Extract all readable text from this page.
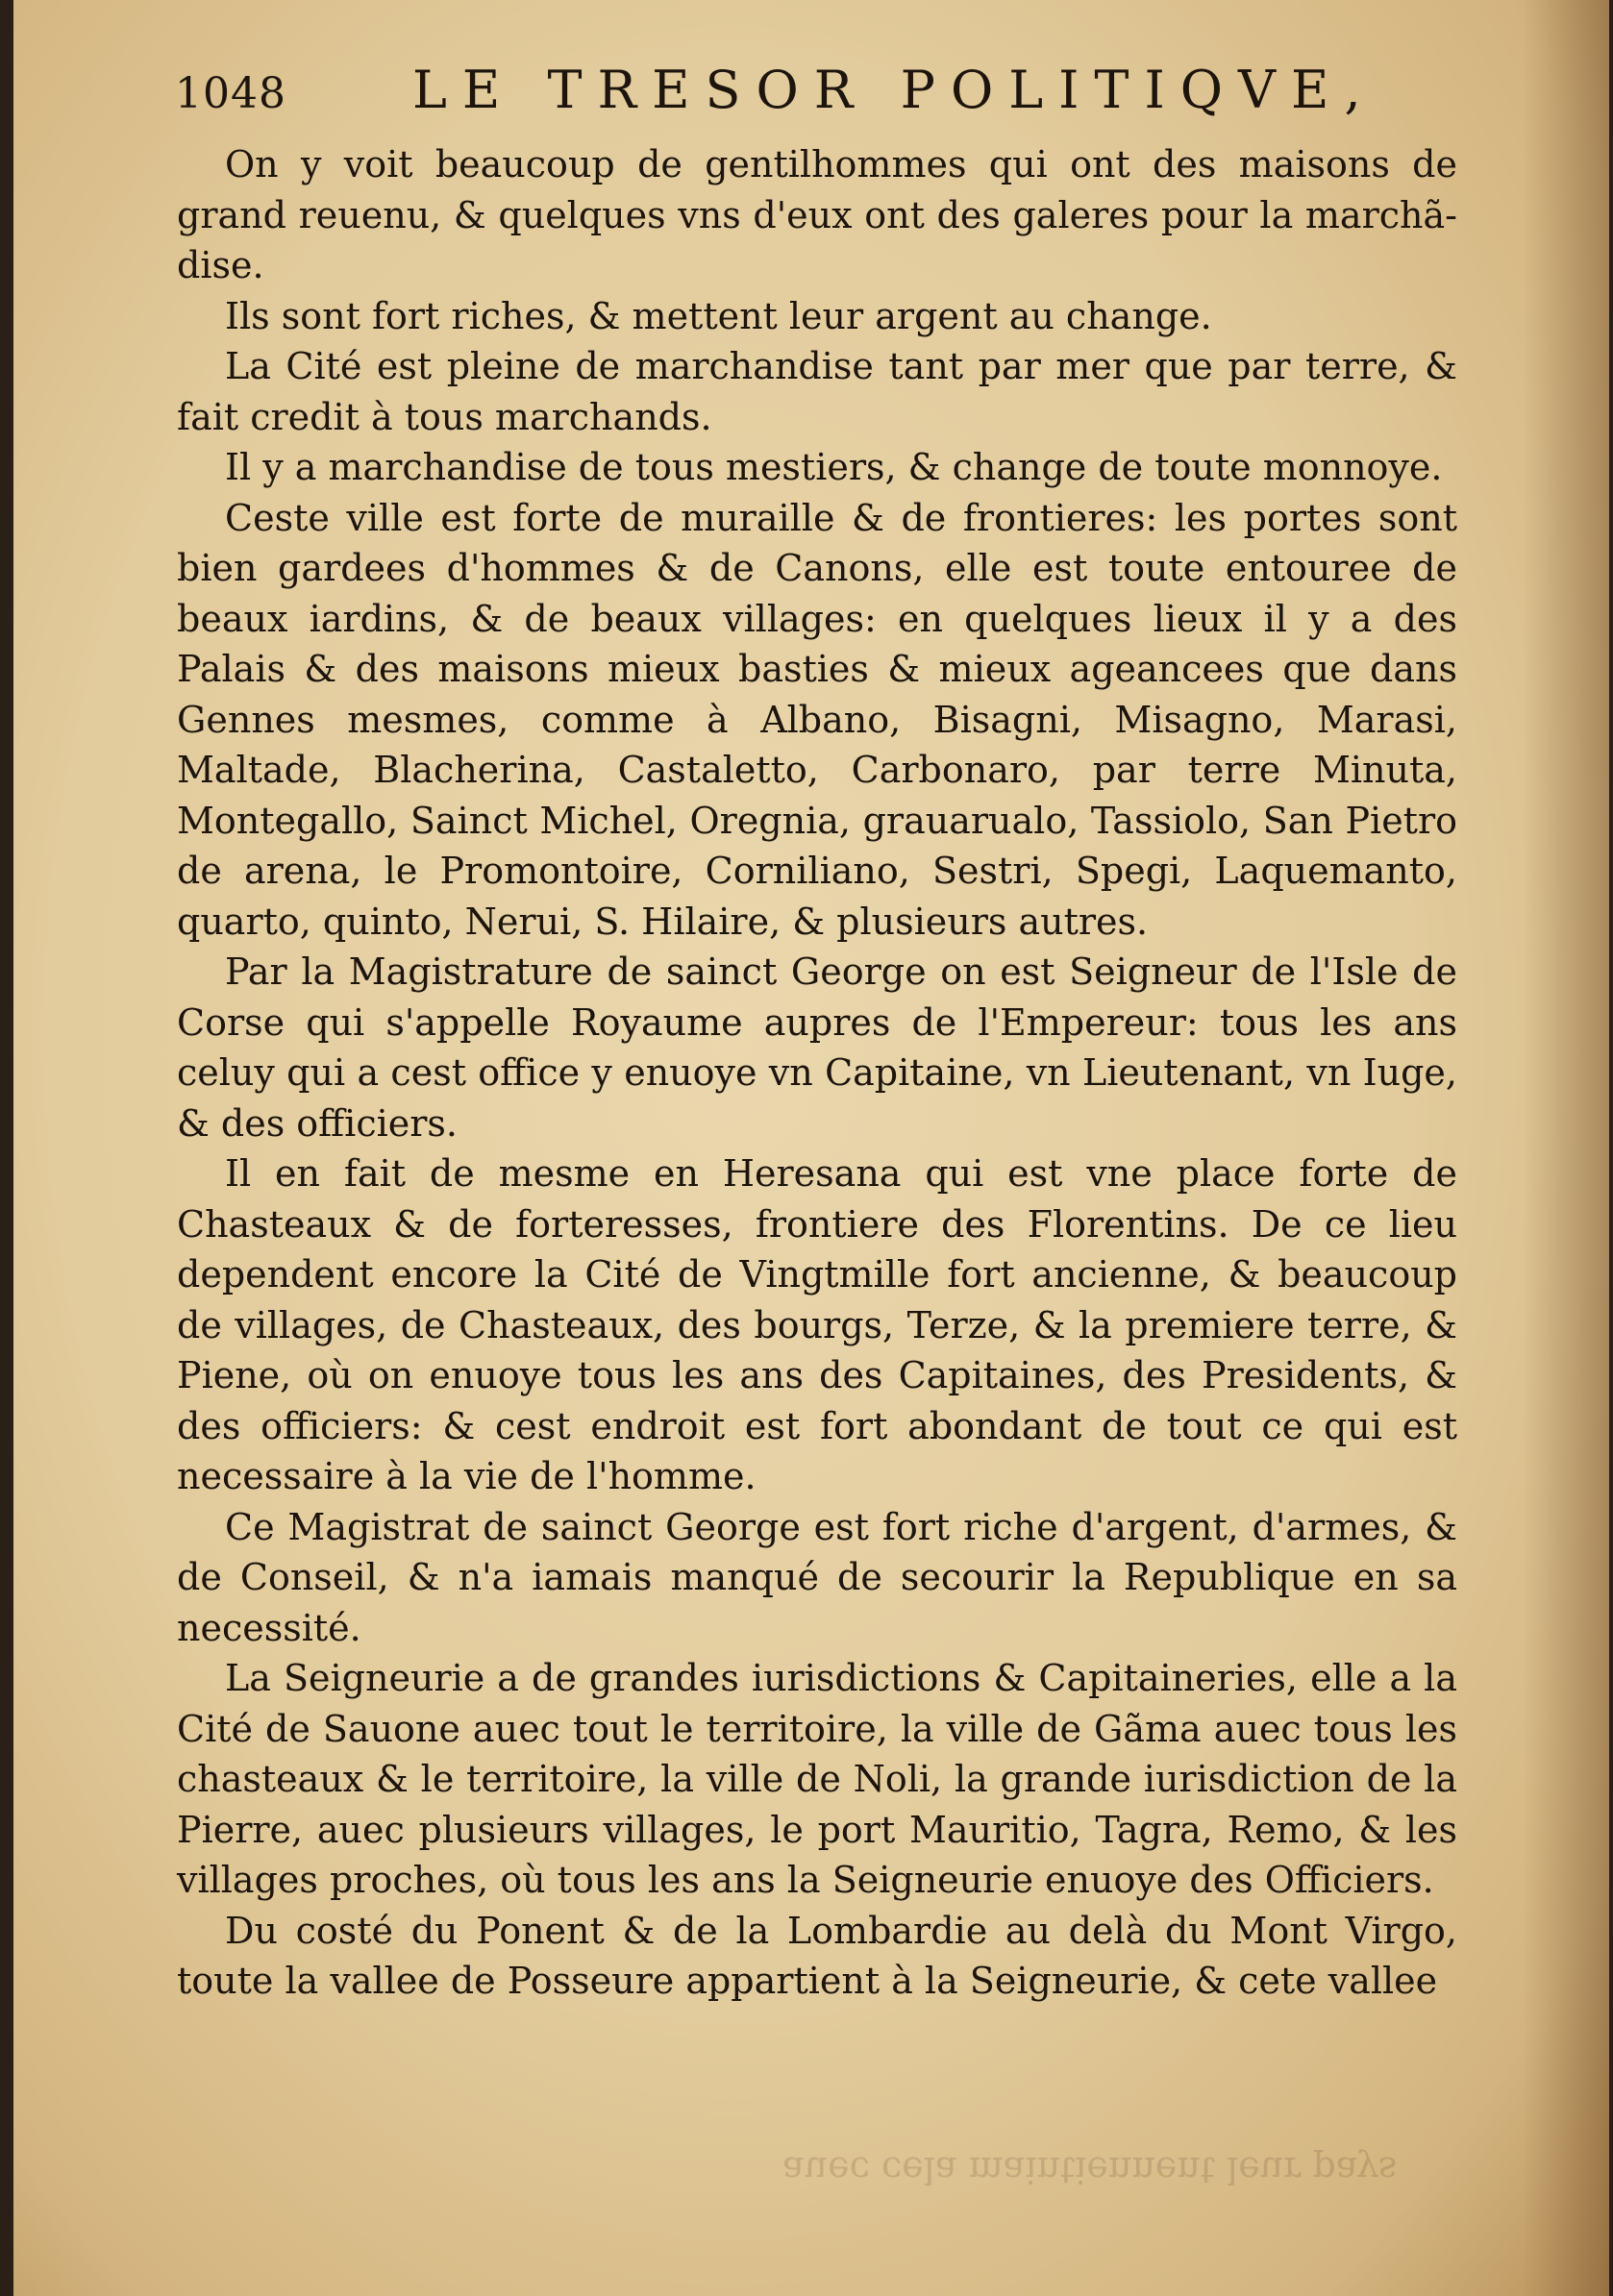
1048 LE TRESOR POLITIQVE,

On y voit beaucoup de gentilhommes qui ont des maisons de grand reuenu, & quelques vns d'eux ont des galeres pour la marchã-dise.

Ils sont fort riches, & mettent leur argent au change.

La Cité est pleine de marchandise tant par mer que par terre, & fait credit à tous marchands.

Il y a marchandise de tous mestiers, & change de toute monnoye.

Ceste ville est forte de muraille & de frontieres: les portes sont bien gardees d'hommes & de Canons, elle est toute entouree de beaux iardins, & de beaux villages: en quelques lieux il y a des Palais & des maisons mieux basties & mieux ageancees que dans Gennes mesmes, comme à Albano, Bisagni, Misagno, Marasi, Maltade, Blacherina, Castaletto, Carbonaro, par terre Minuta, Montegallo, Sainct Michel, Oregnia, grauarualo, Tassiolo, San Pietro de arena, le Promontoire, Corniliano, Sestri, Spegi, Laquemanto, quarto, quinto, Nerui, S. Hilaire, & plusieurs autres.

Par la Magistrature de sainct George on est Seigneur de l'Isle de Corse qui s'appelle Royaume aupres de l'Empereur: tous les ans celuy qui a cest office y enuoye vn Capitaine, vn Lieutenant, vn Iuge, & des officiers.

Il en fait de mesme en Heresana qui est vne place forte de Chasteaux & de forteresses, frontiere des Florentins. De ce lieu dependent encore la Cité de Vingtmille fort ancienne, & beaucoup de villages, de Chasteaux, des bourgs, Terze, & la premiere terre, & Piene, où on enuoye tous les ans des Capitaines, des Presidents, & des officiers: & cest endroit est fort abondant de tout ce qui est necessaire à la vie de l'homme.

Ce Magistrat de sainct George est fort riche d'argent, d'armes, & de Conseil, & n'a iamais manqué de secourir la Republique en sa necessité.

La Seigneurie a de grandes iurisdictions & Capitaineries, elle a la Cité de Sauone auec tout le territoire, la ville de Gãma auec tous les chasteaux & le territoire, la ville de Noli, la grande iurisdiction de la Pierre, auec plusieurs villages, le port Mauritio, Tagra, Remo, & les villages proches, où tous les ans la Seigneurie enuoye des Officiers.

Du costé du Ponent & de la Lombardie au delà du Mont Virgo, toute la vallee de Posseure appartient à la Seigneurie, & cete vallee

auec cela maintiennent leur pays
